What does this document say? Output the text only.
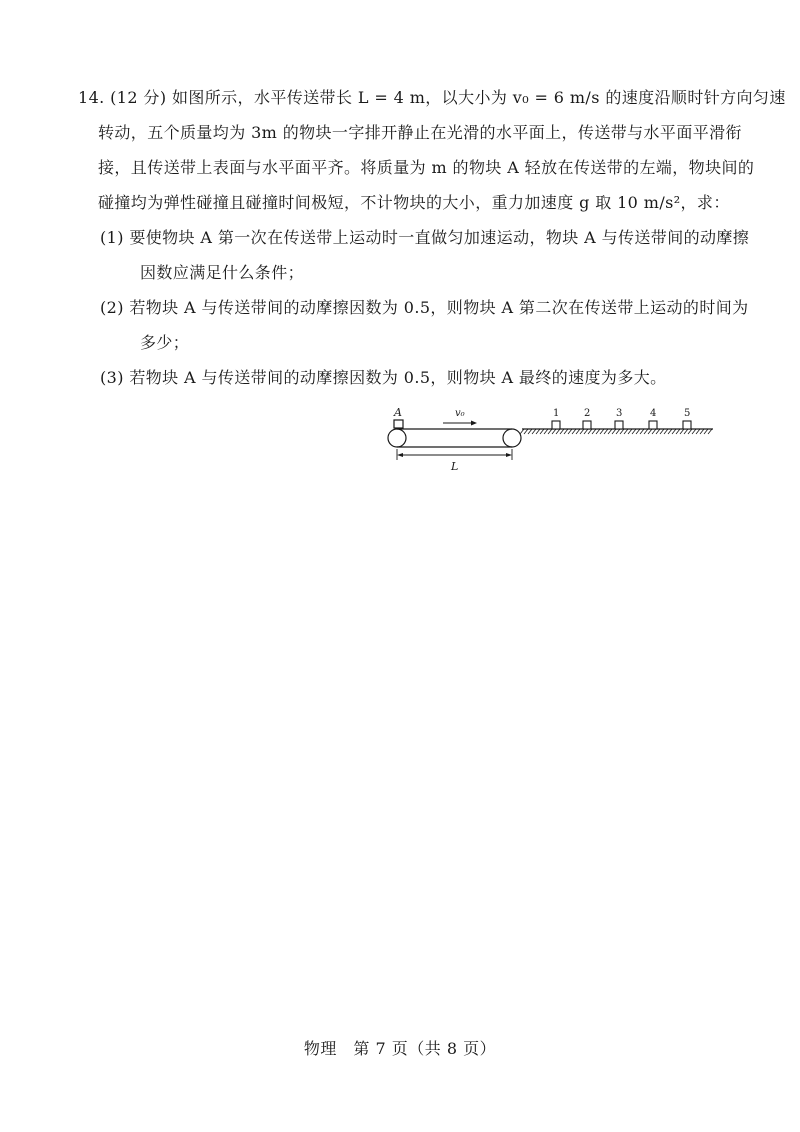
14. (12 分) 如图所示，水平传送带长 L = 4 m，以大小为 v₀ = 6 m/s 的速度沿顺时针方向匀速
转动，五个质量均为 3m 的物块一字排开静止在光滑的水平面上，传送带与水平面平滑衔
接，且传送带上表面与水平面平齐。将质量为 m 的物块 A 轻放在传送带的左端，物块间的
碰撞均为弹性碰撞且碰撞时间极短，不计物块的大小，重力加速度 g 取 10 m/s²，求：
(1) 要使物块 A 第一次在传送带上运动时一直做匀加速运动，物块 A 与传送带间的动摩擦
因数应满足什么条件；
(2) 若物块 A 与传送带间的动摩擦因数为 0.5，则物块 A 第二次在传送带上运动的时间为
多少；
(3) 若物块 A 与传送带间的动摩擦因数为 0.5，则物块 A 最终的速度为多大。
A	v₀	1 2	3	4	5
L
物理　第 7 页（共 8 页）
